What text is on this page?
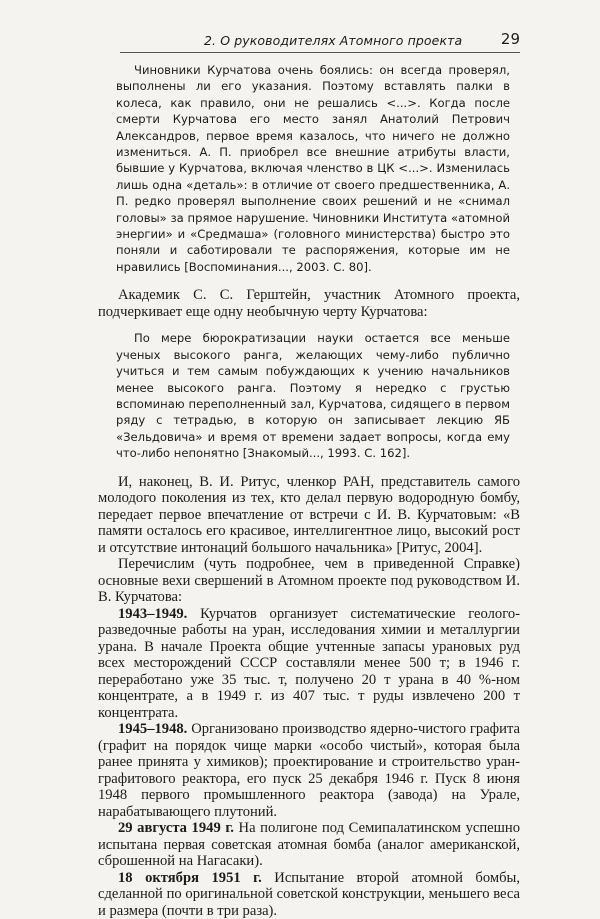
2. О руководителях Атомного проекта	29

Чиновники Курчатова очень боялись: он всегда проверял, выполнены ли его указания. Поэтому вставлять палки в колеса, как правило, они не решались <...>. Когда после смерти Курчатова его место занял Анатолий Петрович Александров, первое время казалось, что ничего не должно измениться. А. П. приобрел все внешние атрибуты власти, бывшие у Курчатова, включая членство в ЦК <...>. Изменилась лишь одна «деталь»: в отличие от своего предшественника, А. П. редко проверял выполнение своих решений и не «снимал головы» за прямое нарушение. Чиновники Института «атомной энергии» и «Средмаша» (головного министерства) быстро это поняли и саботировали те распоряжения, которые им не нравились [Воспоминания..., 2003. С. 80].

Академик С. С. Герштейн, участник Атомного проекта, подчеркивает еще одну необычную черту Курчатова:

По мере бюрократизации науки остается все меньше ученых высокого ранга, желающих чему-либо публично учиться и тем самым побуждающих к учению начальников менее высокого ранга. Поэтому я нередко с грустью вспоминаю переполненный зал, Курчатова, сидящего в первом ряду с тетрадью, в которую он записывает лекцию ЯБ «Зельдовича» и время от времени задает вопросы, когда ему что-либо непонятно [Знакомый..., 1993. С. 162].

И, наконец, В. И. Ритус, членкор РАН, представитель самого молодого поколения из тех, кто делал первую водородную бомбу, передает первое впечатление от встречи с И. В. Курчатовым: «В памяти осталось его красивое, интеллигентное лицо, высокий рост и отсутствие интонаций большого начальника» [Ритус, 2004].

Перечислим (чуть подробнее, чем в приведенной Справке) основные вехи свершений в Атомном проекте под руководством И. В. Курчатова:

1943–1949. Курчатов организует систематические геолого-разведочные работы на уран, исследования химии и металлургии урана. В начале Проекта общие учтенные запасы урановых руд всех месторождений СССР составляли менее 500 т; в 1946 г. переработано уже 35 тыс. т, получено 20 т урана в 40 %-ном концентрате, а в 1949 г. из 407 тыс. т руды извлечено 200 т концентрата.

1945–1948. Организовано производство ядерно-чистого графита (графит на порядок чище марки «особо чистый», которая была ранее принята у химиков); проектирование и строительство уран-графитового реактора, его пуск 25 декабря 1946 г. Пуск 8 июня 1948 первого промышленного реактора (завода) на Урале, нарабатывающего плутоний.

29 августа 1949 г. На полигоне под Семипалатинском успешно испытана первая советская атомная бомба (аналог американской, сброшенной на Нагасаки).

18 октября 1951 г. Испытание второй атомной бомбы, сделанной по оригинальной советской конструкции, меньшего веса и размера (почти в три раза).
